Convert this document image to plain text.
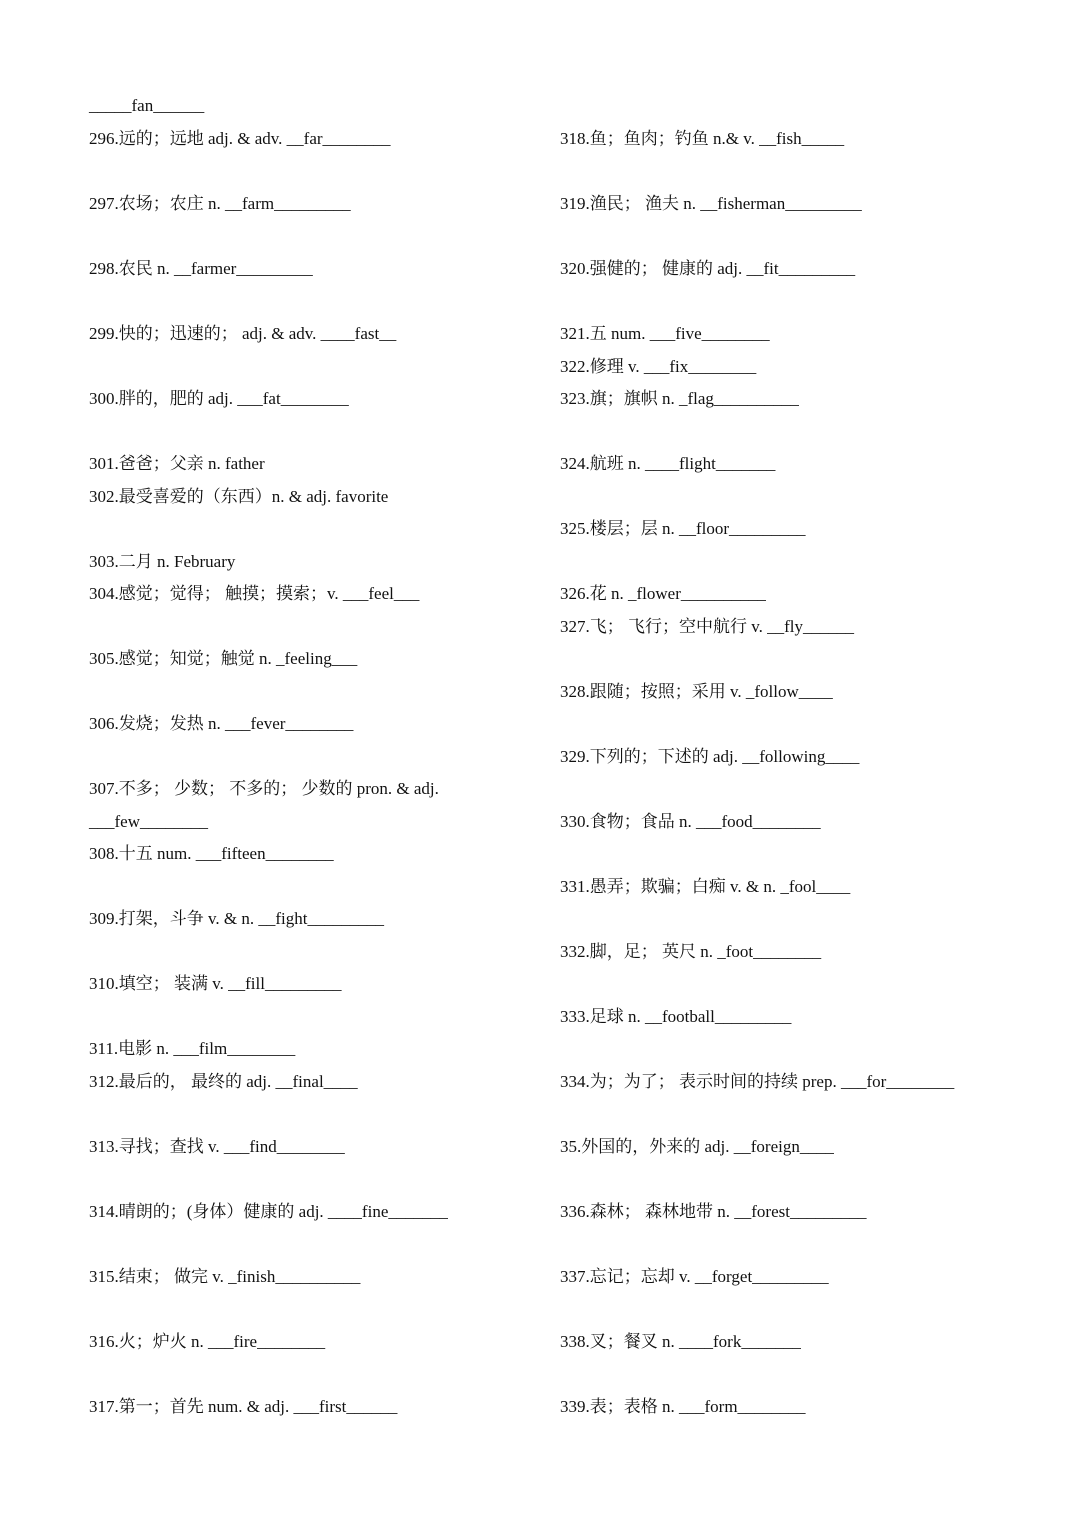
_____fan______
296.远的；远地 adj. & adv. __far________
297.农场；农庄 n. __farm_________
298.农民 n. __farmer_________
299.快的；迅速的； adj. & adv. ____fast__
300.胖的，肥的 adj. ___fat________
301.爸爸；父亲 n. father
302.最受喜爱的（东西）n. & adj. favorite
303.二月 n. February
304.感觉；觉得； 触摸；摸索；v. ___feel___
305.感觉；知觉；触觉 n. _feeling___
306.发烧；发热 n. ___fever________
307.不多； 少数； 不多的； 少数的 pron. & adj.
___few________
308.十五 num. ___fifteen________
309.打架，斗争 v. & n. __fight_________
310.填空； 装满 v. __fill_________
311.电影 n. ___film________
312.最后的， 最终的 adj. __final____
313.寻找；查找 v. ___find________
314.晴朗的；(身体）健康的 adj. ____fine_______
315.结束； 做完 v. _finish__________
316.火；炉火 n. ___fire________
317.第一；首先 num. & adj. ___first______
318.鱼；鱼肉；钓鱼 n.& v. __fish_____
319.渔民； 渔夫 n. __fisherman_________
320.强健的； 健康的 adj. __fit_________
321.五 num. ___five________
322.修理 v. ___fix________
323.旗；旗帜 n. _flag__________
324.航班 n. ____flight_______
325.楼层；层 n. __floor_________
326.花 n. _flower__________
327.飞； 飞行；空中航行 v. __fly______
328.跟随；按照；采用 v. _follow____
329.下列的；下述的 adj. __following____
330.食物；食品 n. ___food________
331.愚弄；欺骗；白痴 v. & n. _fool____
332.脚，足； 英尺 n. _foot________
333.足球 n. __football_________
334.为；为了； 表示时间的持续 prep. ___for________
35.外国的，外来的 adj. __foreign____
336.森林； 森林地带 n. __forest_________
337.忘记；忘却 v. __forget_________
338.叉；餐叉 n. ____fork_______
339.表；表格 n. ___form________
